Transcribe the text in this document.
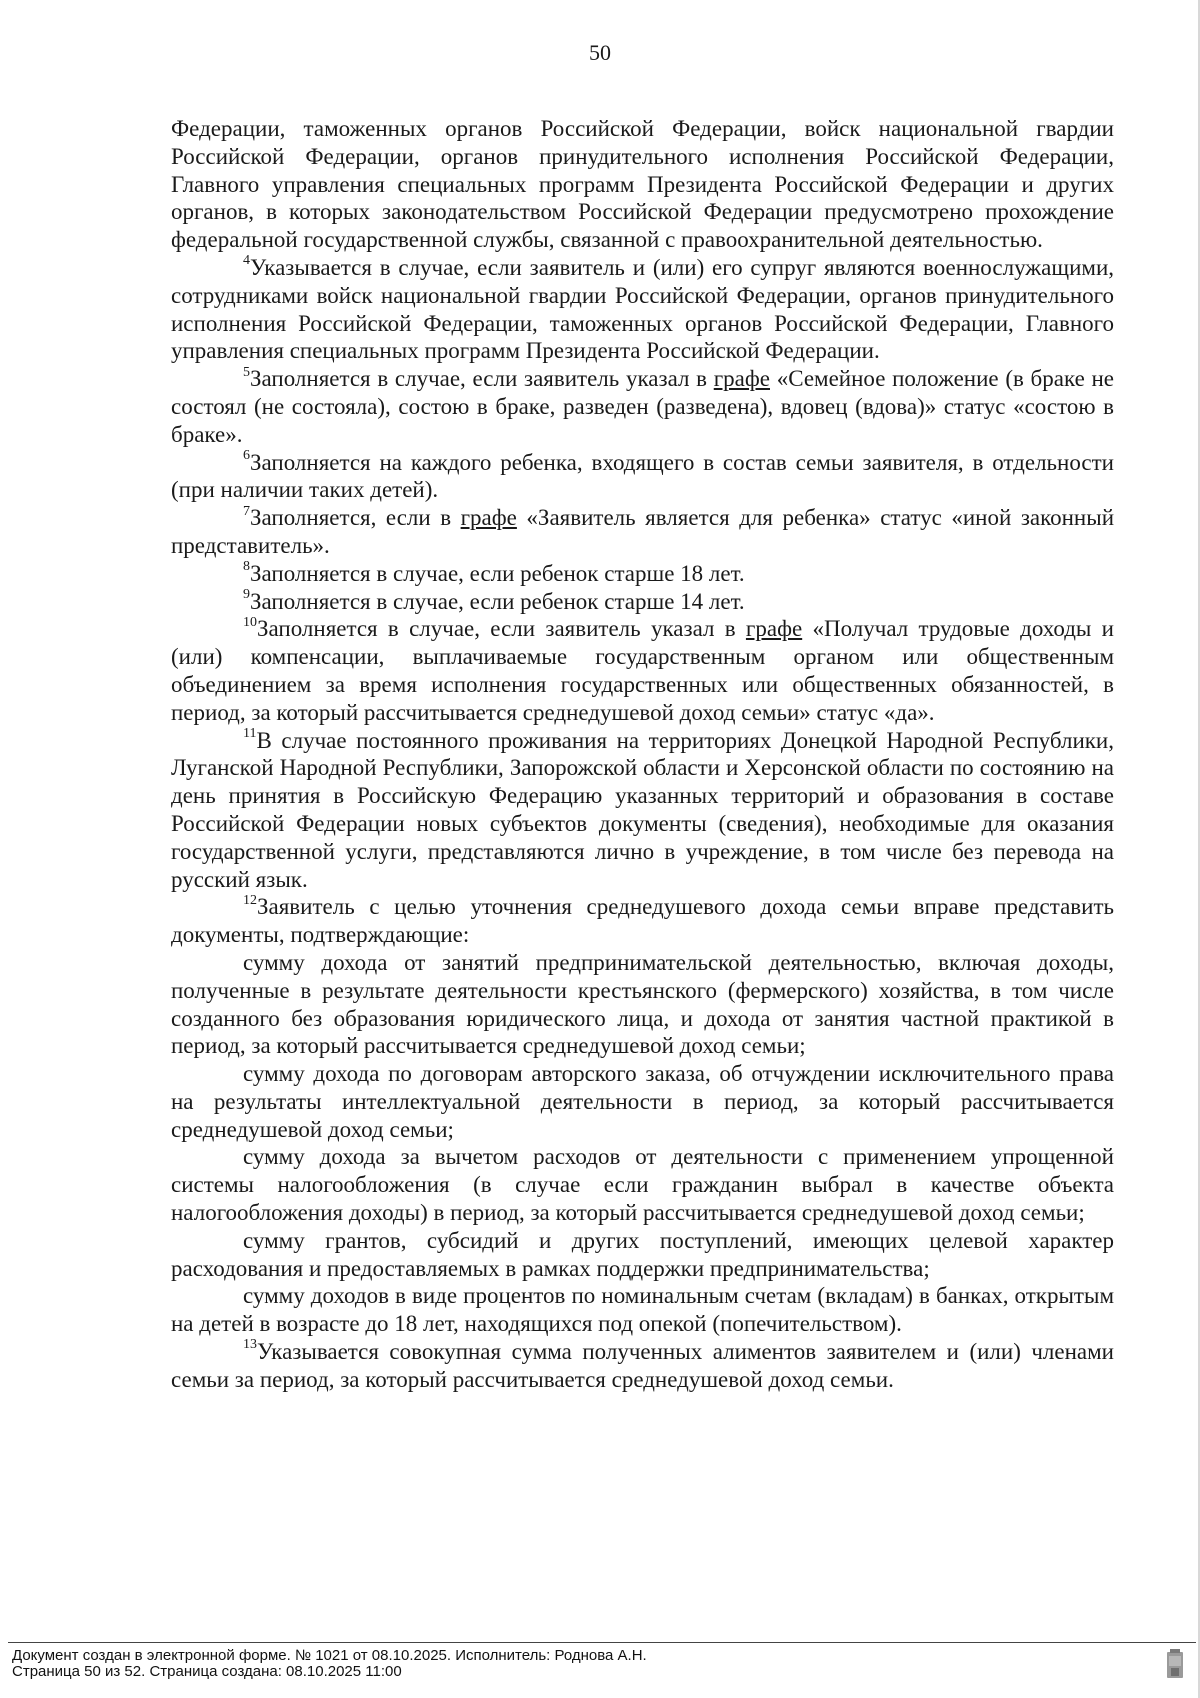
50

Федерации, таможенных органов Российской Федерации, войск национальной гвардии Российской Федерации, органов принудительного исполнения Российской Федерации, Главного управления специальных программ Президента Российской Федерации и других органов, в которых законодательством Российской Федерации предусмотрено прохождение федеральной государственной службы, связанной с правоохранительной деятельностью.

$^4$Указывается в случае, если заявитель и (или) его супруг являются военнослужащими, сотрудниками войск национальной гвардии Российской Федерации, органов принудительного исполнения Российской Федерации, таможенных органов Российской Федерации, Главного управления специальных программ Президента Российской Федерации.

$^5$Заполняется в случае, если заявитель указал в графе «Семейное положение (в браке не состоял (не состояла), состою в браке, разведен (разведена), вдовец (вдова)» статус «состою в браке».

$^6$Заполняется на каждого ребенка, входящего в состав семьи заявителя, в отдельности (при наличии таких детей).

$^7$Заполняется, если в графе «Заявитель является для ребенка» статус «иной законный представитель».

$^8$Заполняется в случае, если ребенок старше 18 лет.

$^9$Заполняется в случае, если ребенок старше 14 лет.

$^{10}$Заполняется в случае, если заявитель указал в графе «Получал трудовые доходы и (или) компенсации, выплачиваемые государственным органом или общественным объединением за время исполнения государственных или общественных обязанностей, в период, за который рассчитывается среднедушевой доход семьи» статус «да».

$^{11}$В случае постоянного проживания на территориях Донецкой Народной Республики, Луганской Народной Республики, Запорожской области и Херсонской области по состоянию на день принятия в Российскую Федерацию указанных территорий и образования в составе Российской Федерации новых субъектов документы (сведения), необходимые для оказания государственной услуги, представляются лично в учреждение, в том числе без перевода на русский язык.

$^{12}$Заявитель с целью уточнения среднедушевого дохода семьи вправе представить документы, подтверждающие:

сумму дохода от занятий предпринимательской деятельностью, включая доходы, полученные в результате деятельности крестьянского (фермерского) хозяйства, в том числе созданного без образования юридического лица, и дохода от занятия частной практикой в период, за который рассчитывается среднедушевой доход семьи;

сумму дохода по договорам авторского заказа, об отчуждении исключительного права на результаты интеллектуальной деятельности в период, за который рассчитывается среднедушевой доход семьи;

сумму дохода за вычетом расходов от деятельности с применением упрощенной системы налогообложения (в случае если гражданин выбрал в качестве объекта налогообложения доходы) в период, за который рассчитывается среднедушевой доход семьи;

сумму грантов, субсидий и других поступлений, имеющих целевой характер расходования и предоставляемых в рамках поддержки предпринимательства;

сумму доходов в виде процентов по номинальным счетам (вкладам) в банках, открытым на детей в возрасте до 18 лет, находящихся под опекой (попечительством).

$^{13}$Указывается совокупная сумма полученных алиментов заявителем и (или) членами семьи за период, за который рассчитывается среднедушевой доход семьи.

Документ создан в электронной форме. № 1021 от 08.10.2025. Исполнитель: Роднова А.Н.
Страница 50 из 52. Страница создана: 08.10.2025 11:00
